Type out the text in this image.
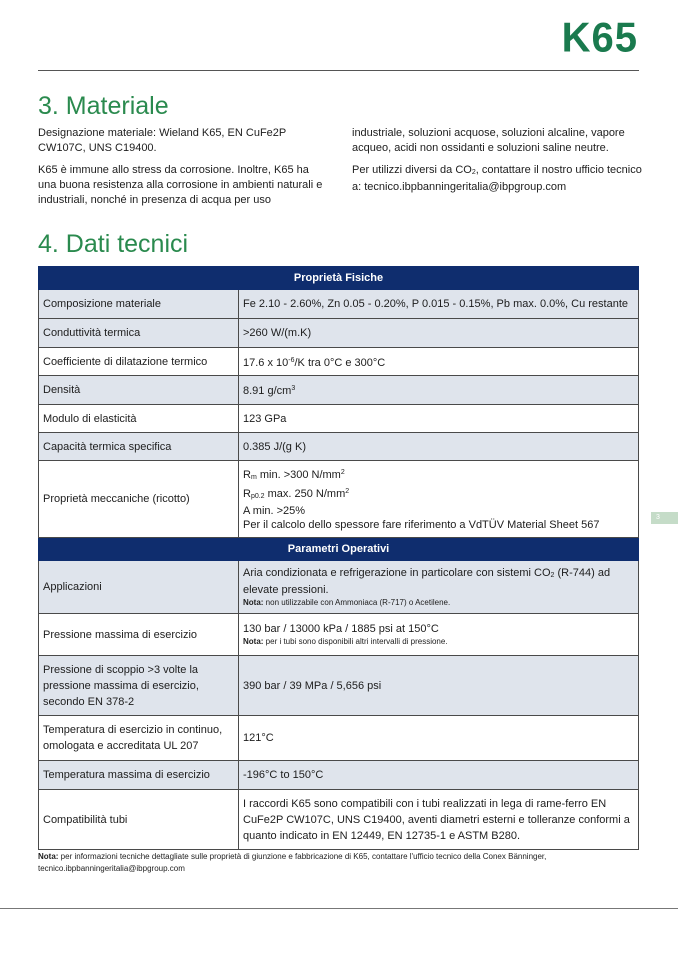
K65
3. Materiale

Designazione materiale: Wieland K65, EN CuFe2P CW107C, UNS C19400.

K65 è immune allo stress da corrosione. Inoltre, K65 ha una buona resistenza alla corrosione in ambienti naturali e industriali, nonché in presenza di acqua per uso

industriale, soluzioni acquose, soluzioni alcaline, vapore acqueo, acidi non ossidanti e soluzioni saline neutre.

Per utilizzi diversi da CO2, contattare il nostro ufficio tecnico a: tecnico.ibpbanningeritalia@ibpgroup.com

4. Dati tecnici
3
Proprietà Fisiche	
Composizione materiale	Fe 2.10 - 2.60%, Zn 0.05 - 0.20%, P 0.015 - 0.15%, Pb max. 0.0%, Cu restante
Conduttività termica	>260 W/(m.K)
Coefficiente di dilatazione termico	17.6 x $10^{-6}/K$ tra 0°C e 300°C
Densità	8.91 $g/cm^3$
Modulo di elasticità	123 GPa
Capacità termica specifica	0.385 J/(g K)
Proprietà meccaniche (ricotto)	Rm min. >300 $N/mm^2$
Rp0.2 max. 250 $N/mm^2$
A min. >25%
Per il calcolo dello spessore fare riferimento a VdTÜV Material Sheet 567

Parametri Operativi	
Applicazioni	Aria condizionata e refrigerazione in particolare con sistemi CO2 (R-744) ad elevate pressioni.
Nota: non utilizzabile con Ammoniaca (R-717) o Acetilene.

Pressione massima di esercizio	130 bar / 13000 kPa / 1885 psi at 150°C
Nota: per i tubi sono disponibili altri intervalli di pressione.

Pressione di scoppio >3 volte la pressione massima di esercizio, secondo EN 378-2	390 bar / 39 MPa / 5,656 psi
Temperatura di esercizio in continuo, omologata e accreditata UL 207	121°C
Temperatura massima di esercizio	-196°C to 150°C
Compatibilità tubi	I raccordi K65 sono compatibili con i tubi realizzati in lega di rame-ferro EN CuFe2P CW107C, UNS C19400, aventi diametri esterni e tolleranze conformi a quanto indicato in EN 12449, EN 12735-1 e ASTM B280.
Nota: per informazioni tecniche dettagliate sulle proprietà di giunzione e fabbricazione di K65, contattare l'ufficio tecnico della Conex Bänninger, tecnico.ibpbanningeritalia@ibpgroup.com
